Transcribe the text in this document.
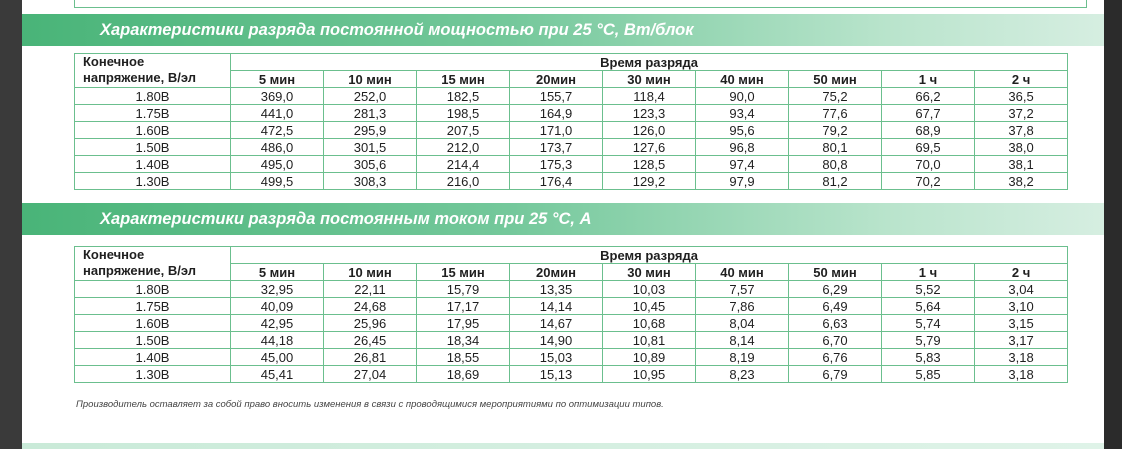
Характеристики разряда постоянной мощностью при 25 °С, Вт/блок
Конечное
напряжение, В/эл	Время разряда								
	5 мин	10 мин	15 мин	20мин	30 мин	40 мин	50 мин	1 ч	2 ч
1.80В	369,0	252,0	182,5	155,7	118,4	90,0	75,2	66,2	36,5
1.75В	441,0	281,3	198,5	164,9	123,3	93,4	77,6	67,7	37,2
1.60В	472,5	295,9	207,5	171,0	126,0	95,6	79,2	68,9	37,8
1.50В	486,0	301,5	212,0	173,7	127,6	96,8	80,1	69,5	38,0
1.40В	495,0	305,6	214,4	175,3	128,5	97,4	80,8	70,0	38,1
1.30В	499,5	308,3	216,0	176,4	129,2	97,9	81,2	70,2	38,2
Характеристики разряда постоянным током при 25 °С, А
Конечное
напряжение, В/эл	Время разряда								
	5 мин	10 мин	15 мин	20мин	30 мин	40 мин	50 мин	1 ч	2 ч
1.80В	32,95	22,11	15,79	13,35	10,03	7,57	6,29	5,52	3,04
1.75В	40,09	24,68	17,17	14,14	10,45	7,86	6,49	5,64	3,10
1.60В	42,95	25,96	17,95	14,67	10,68	8,04	6,63	5,74	3,15
1.50В	44,18	26,45	18,34	14,90	10,81	8,14	6,70	5,79	3,17
1.40В	45,00	26,81	18,55	15,03	10,89	8,19	6,76	5,83	3,18
1.30В	45,41	27,04	18,69	15,13	10,95	8,23	6,79	5,85	3,18
Производитель оставляет за собой право вносить изменения в связи с проводящимися мероприятиями по оптимизации типов.
